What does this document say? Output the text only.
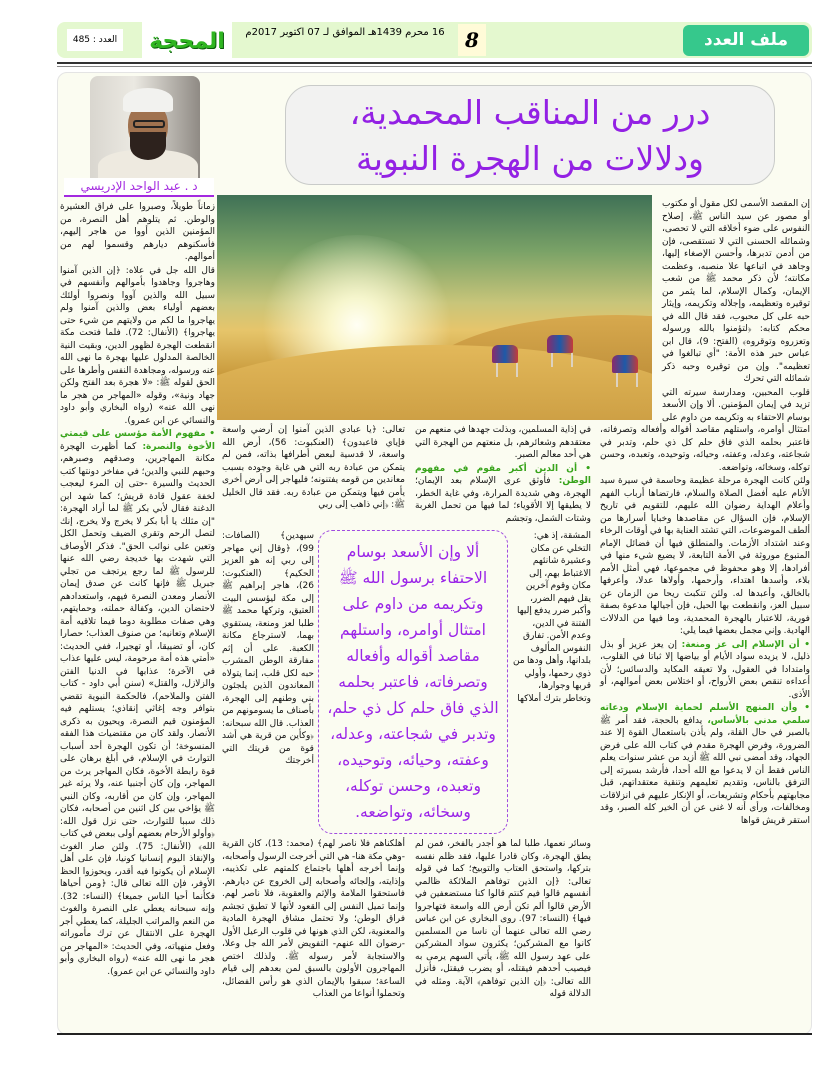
ملف العدد
8
المحجة	16 محرم 1439هـ الموافق لـ 07 اكتوبر 2017م
العدد : 485
د . عبد الواحد الإدريسي
درر من المناقب المحمدية،
ودلالات من الهجرة النبوية

إن المقصد الأسمى لكل مقول أو مكتوب أو مصور عن سيد الناس ﷺ، إصلاح النفوس على ضوء أخلاقه التي لا تحصى، وشمائله الحسنى التي لا تستقصى، فإن من أدمن تدبرها، وأحسن الإصغاء إليها، وجاهد في اتباعها علا منصبه، وعظمت مكانته؛ لأن ذكر محمد ﷺ من شعب الإيمان، وكمال الإسلام، لما يثمر من توقيره وتعظيمه، وإجلاله وتكريمه، وإيثار حبه على كل محبوب، فقد قال الله في محكم كتابه: ﴿لتؤمنوا بالله ورسوله وتعزروه وتوقروه﴾ (الفتح: 9)، قال ابن عباس حبر هذه الأمة: "أي تبالغوا في تعظيمه". وإن من توقيره وحبه ذكر شمائله التي تحرك

قلوب المحبين، ومدارسة سيرته التي تزيد في إيمان المؤمنين. ألا وإن الأسعد بوسام الاحتفاء به وتكريمه من داوم على امتثال أوامره، واستلهم مقاصد أقواله وأفعاله وتصرفاته، فاعتبر بحلمه الذي فاق حلم كل ذي حلم، وتدبر في شجاعته، وعدله، وعفته، وحيائه، وتوحيده، وتعبده، وحسن توكله، وسخائه، وتواضعه.

ولئن كانت الهجرة مرحلة عظيمة وحاسمة في سيرة سيد الأنام عليه أفضل الصلاة والسلام، فارتضاها أرباب الفهم وأعلام الهداية رضوان الله عليهم، للتقويم في تاريخ الإسلام، فإن السؤال عن مقاصدها وخبايا أسرارها من ألطف الموضوعات، التي تشتد العناية بها في أوقات الرخاء وعند اشتداد الأزمات. والمنطلق فيها أن فضائل الإمام المتبوع موروثة في الأمة التابعة، لا يضيع شيء منها في أفرادها، إلا وهو محفوظ في مجموعها، فهي أمثل الأمم بلاء، وأسدها اهتداء، وأرحمها، وأولاها عدلا، وأعرفها بالخالق، وأعبدها له. ولئن تنكبت ريحا من الزمان عن سبيل العز، وانقطعت بها الحيل، فإن أجيالها مدعوة بصفة فورية، للاعتبار بالهجرة المحمدية، وما فيها من الدلالات الهادية. وإني مجمل بعضها فيما يلي:

• أن الإسلام إلى عز ومنعة: إن يعز عزيز أو بذل ذليل، لا يزيده سواد الأيام أو بياضها إلا ثباتا في القلوب، وامتدادا في العقول، ولا تعيقه المكايد والدسائس؛ لأن أعداءه تنقص بعض الأرواح، أو اختلاس بعض أموالهم، أو الأذى.

• وأن المنهج الأسلم لحماية الإسلام ودعاته سلمي مدني بالأساس، يدافع بالحجة، فقد أمر ﷺ بالصبر في حال القلة، ولم يأذن باستعمال القوة إلا عند الضرورة، وفرض الهجرة مقدم في كتاب الله على فرض الجهاد، وقد أمضى نبي الله ﷺ أزيد من عشر سنوات يعلم الناس فقط أن لا يدعوا مع الله أحدا، فأرشد بسيرته إلى الترفق بالناس، وتقديم تعليمهم وتنقية معتقداتهم، قبل مجابهتهم بأحكام وتشريعات، أو الإنكار عليهم في انزلاقات ومخالفات، ورأى أنه لا غنى عن أن الخير كله الصبر، وقد استقر قريش قواها

في إذاية المسلمين، وبذلت جهدها في منعهم من معتقدهم وشعائرهم، بل منعتهم من الهجرة التي هي أحد معالم الصبر.

• أن الدين أكبر مقوم في مفهوم الوطن: فأوثق عرى الإسلام بعد الإيمان؛ الهجرة، وهي شديدة المرارة، وفي غاية الخطر، لا يطيقها إلا الأقوياء؛ لما فيها من تحمل الغربة وشتات الشمل، وتجشم

تعالى: ﴿يا عبادي الذين آمنوا إن أرضي واسعة فإياي فاعبدون﴾ (العنكبوت: 56)، أرض الله واسعة، لا قدسية لبعض أطرافها بذاته، فمن لم يتمكن من عبادة ربه التي هي غاية وجوده بسبب معاندين من قومه يفتنونه؛ فليهاجر إلى أرض أخرى يأمن فيها ويتمكن من عبادة ربه. فقد قال الخليل ﷺ: ﴿إني ذاهب إلى ربي

المشقة، إذ هي: التخلي عن مكان وعشيرة شانئهم الاغتباط بهم، إلى مكان وقوم آخرين يقل فيهم الضرر، وأكبر ضرر يدفع إليها الفتنة في الدين، وعدم الأمن. تفارق النفوس المألوف بلدانها، وأهل ودها من ذوي رحمها، وأولي قربها وجوارها، وتخاطر بترك أملاكها

ألا وإن الأسعد بوسام الاحتفاء برسول الله ﷺ وتكريمه من داوم على امتثال أوامره، واستلهم مقاصد أقواله وأفعاله وتصرفاته، فاعتبر بحلمه الذي فاق حلم كل ذي حلم، وتدبر في شجاعته، وعدله، وعفته، وحيائه، وتوحيده، وتعبده، وحسن توكله، وسخائه، وتواضعه.

سيهدين﴾ (الصافات: 99)، ﴿وقال إني مهاجر إلى ربي إنه هو العزيز الحكيم﴾ (العنكبوت: 26)، هاجر إبراهيم ﷺ إلى مكة ليؤسس البيت العتيق، وتركها محمد ﷺ طلبا لعز ومنعة، يستقوي بهما، لاسترجاع مكانة الكعبة. على أن إثم مفارقة الوطن المشرب حبه لكل قلب، إنما يتولاه المعاندون الذين يلجئون بني وطنهم إلى الهجرة، بأصناف ما يسومونهم من العذاب. قال الله سبحانه: ﴿وكأين من قرية هي أشد قوة من قريتك التي أخرجتك

وسائر نعمها، طلبا لما هو أجدر بالفخر، فمن لم يطق الهجرة، وكان قادرا عليها، فقد ظلم نفسه بتركها، واستحق العتاب والتوبيخ؛ كما في قوله تعالى: ﴿إن الذين توفاهم الملائكة ظالمي أنفسهم قالوا فيم كنتم قالوا كنا مستضعفين في الأرض قالوا ألم تكن أرض الله واسعة فتهاجروا فيها﴾ (النساء: 97). روى البخاري عن ابن عباس رضي الله تعالى عنهما أن ناسا من المسلمين كانوا مع المشركين؛ يكثرون سواد المشركين على عهد رسول الله ﷺ، يأتي السهم يرمى به فيصيب أحدهم فيقتله، أو يضرب فيقتل، فأنزل الله تعالى: ﴿إن الذين توفاهم﴾ الآية. ومثله في الدلالة قوله

أهلكناهم فلا ناصر لهم﴾ (محمد: 13)، كان القرية -وهي مكة هنا- هي التي أخرجت الرسول وأصحابه، وإنما أخرجه أهلها باجتماع كلمتهم على تكذيبه، وإذايته، وإلجائه وأصحابه إلى الخروج عن ديارهم. فاستحقوا الملامة والإثم والعقوبة، فلا ناصر لهم. وإنما تميل النفس إلى القعود لأنها لا تطيق تجشم فراق الوطن؛ ولا تحتمل مشاق الهجرة المادية والمعنوية، لكن الذي هونها في قلوب الرعيل الأول -رضوان الله عنهم- التفويض لأمر الله جل وعلا، والاستجابة لأمر رسوله ﷺ. ولذلك اختص المهاجرون الأولون بالسبق لمن بعدهم إلى قيام الساعة؛ سبقوا بالإيمان الذي هو رأس الفضائل، وتحملوا أنواعا من العذاب

زماناً طويلاً، وصبروا على فراق العشيرة والوطن. ثم يتلوهم أهل النصرة، من المؤمنين الذين أووا من هاجر إليهم، فأسكنوهم ديارهم وقسموا لهم من أموالهم.

قال الله جل في علاه: ﴿إن الذين آمنوا وهاجروا وجاهدوا بأموالهم وأنفسهم في سبيل الله والذين آووا ونصروا أولئك بعضهم أولياء بعض والذين آمنوا ولم يهاجروا ما لكم من ولايتهم من شيء حتى يهاجروا﴾ (الأنفال: 72). فلما فتحت مكة انقطعت الهجرة لظهور الدين، وبقيت النية الخالصة المدلول عليها بهجرة ما نهى الله عنه ورسوله، ومجاهدة النفس وأطرها على الحق لقوله ﷺ: «لا هجرة بعد الفتح ولكن جهاد ونية»، وقوله «المهاجر من هجر ما نهى الله عنه» (رواه البخاري وأبو داود والنسائي عن ابن عمرو).

• مفهوم الأمة مؤسس على قيمتي الأخوة والنصرة: كما أظهرت الهجرة مكانة المهاجرين، وصدقهم وصبرهم، وحبهم للنبي والدين؛ في مفاخر دونتها كتب الحديث والسيرة -حتى إن المرء ليعجب لخفة عقول قادة قريش؛ كما شهد ابن الدغنة فقال لأبي بكر ﷺ لما أراد الهجرة: "إن مثلك يا أبا بكر لا يخرج ولا يخرج، إنك لتصل الرحم وتقري الضيف وتحمل الكل وتعين على نوائب الحق". فذكر الأوصاف التي شهدت بها خديجة رضي الله عنها للرسول ﷺ لما رجع يرتجف من تجلي جبريل ﷺ فإنها كانت عن صدق إيمان الأنصار ومعدن النصرة فيهم، واستعدادهم لاحتضان الدين، وكفالة حملته، وحمايتهم، وهي صفات مطلوبة دوما فيما تلاقيه أمة الإسلام وتعانيه؛ من صنوف العذاب؛ حصارا كان، أو تضييقا، أو تهجيرا، ففي الحديث: «أمتي هذه أمة مرحومة، ليس عليها عذاب في الآخرة؛ عذابها في الدنيا الفتن والزلازل، والقتل» (سنن أبي داود - كتاب الفتن والملاحم)، فالحكمة النبوية تقضي بتوافر وجه إغاثي إنقاذي؛ يستلهم فيه المؤمنون قيم النصرة، ويحيون به ذكرى الأنصار. ولقد كان من مقتضيات هذا الفقه المنسوخة؛ أن تكون الهجرة أحد أسباب التوارث في الإسلام، في أبلغ برهان على قوة رابطة الأخوة، فكان المهاجر يرث من المهاجر، وإن كان أجنبيا عنه، ولا يرثه غير المهاجر، وإن كان من أقاربه، وكان النبي ﷺ يؤاخي بين كل اثنين من أصحابه، فكان ذلك سببا للتوارث، حتى نزل قول الله: ﴿وأولو الأرحام بعضهم أولى ببعض في كتاب الله﴾ (الأنفال: 75). ولئن صار الغوث والإنقاذ اليوم إنسانيا كونيا، فإن على أهل الإسلام أن يكونوا فيه أقدر، ويحوزوا الحظ الأوفر، فإن الله تعالى قال: ﴿ومن أحياها فكأنما أحيا الناس جميعا﴾ (النساء: 32). وإنه سبحانه يعطي على النصرة والغوث من النعم والمراتب الجليلة، كما يعطي أجر الهجرة على الانتقال عن ترك مأموراته وفعل منهياته، وفي الحديث: «المهاجر من هجر ما نهى الله عنه» (رواه البخاري وأبو داود والنسائي عن ابن عمرو).
